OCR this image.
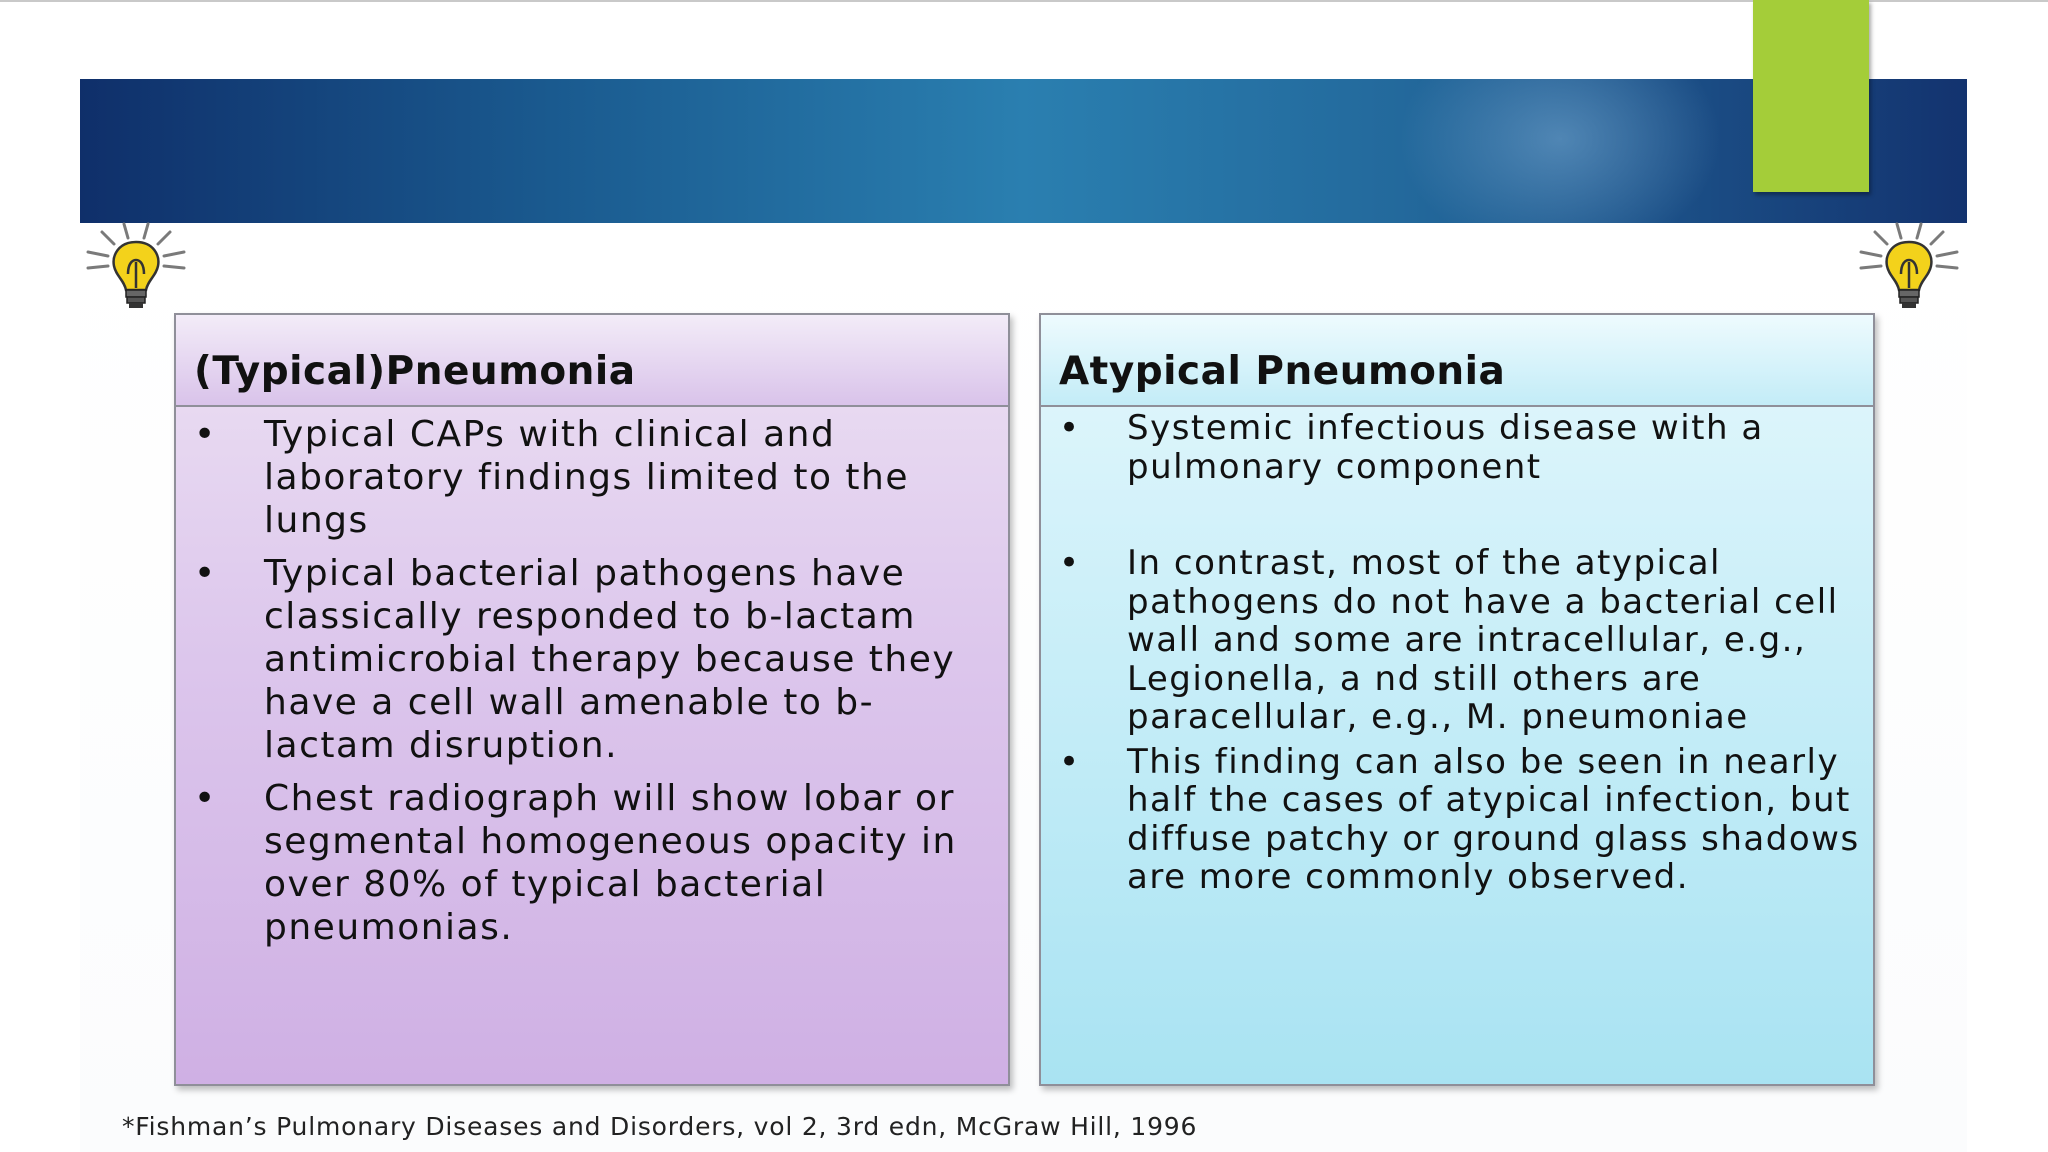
(Typical)Pneumonia
• Typical CAPs with clinical and laboratory findings limited to the lungs
• Typical bacterial pathogens have classically responded to b-lactam antimicrobial therapy because they have a cell wall amenable to b-lactam disruption.
• Chest radiograph will show lobar or segmental homogeneous opacity in over 80% of typical bacterial pneumonias.
Atypical Pneumonia
• Systemic infectious disease with a pulmonary component
• In contrast, most of the atypical pathogens do not have a bacterial cell wall and some are intracellular, e.g., Legionella, a nd still others are paracellular, e.g., M. pneumoniae
• This finding can also be seen in nearly half the cases of atypical infection, but diffuse patchy or ground glass shadows are more commonly observed.
*Fishman’s Pulmonary Diseases and Disorders, vol 2, 3rd edn, McGraw Hill, 1996
